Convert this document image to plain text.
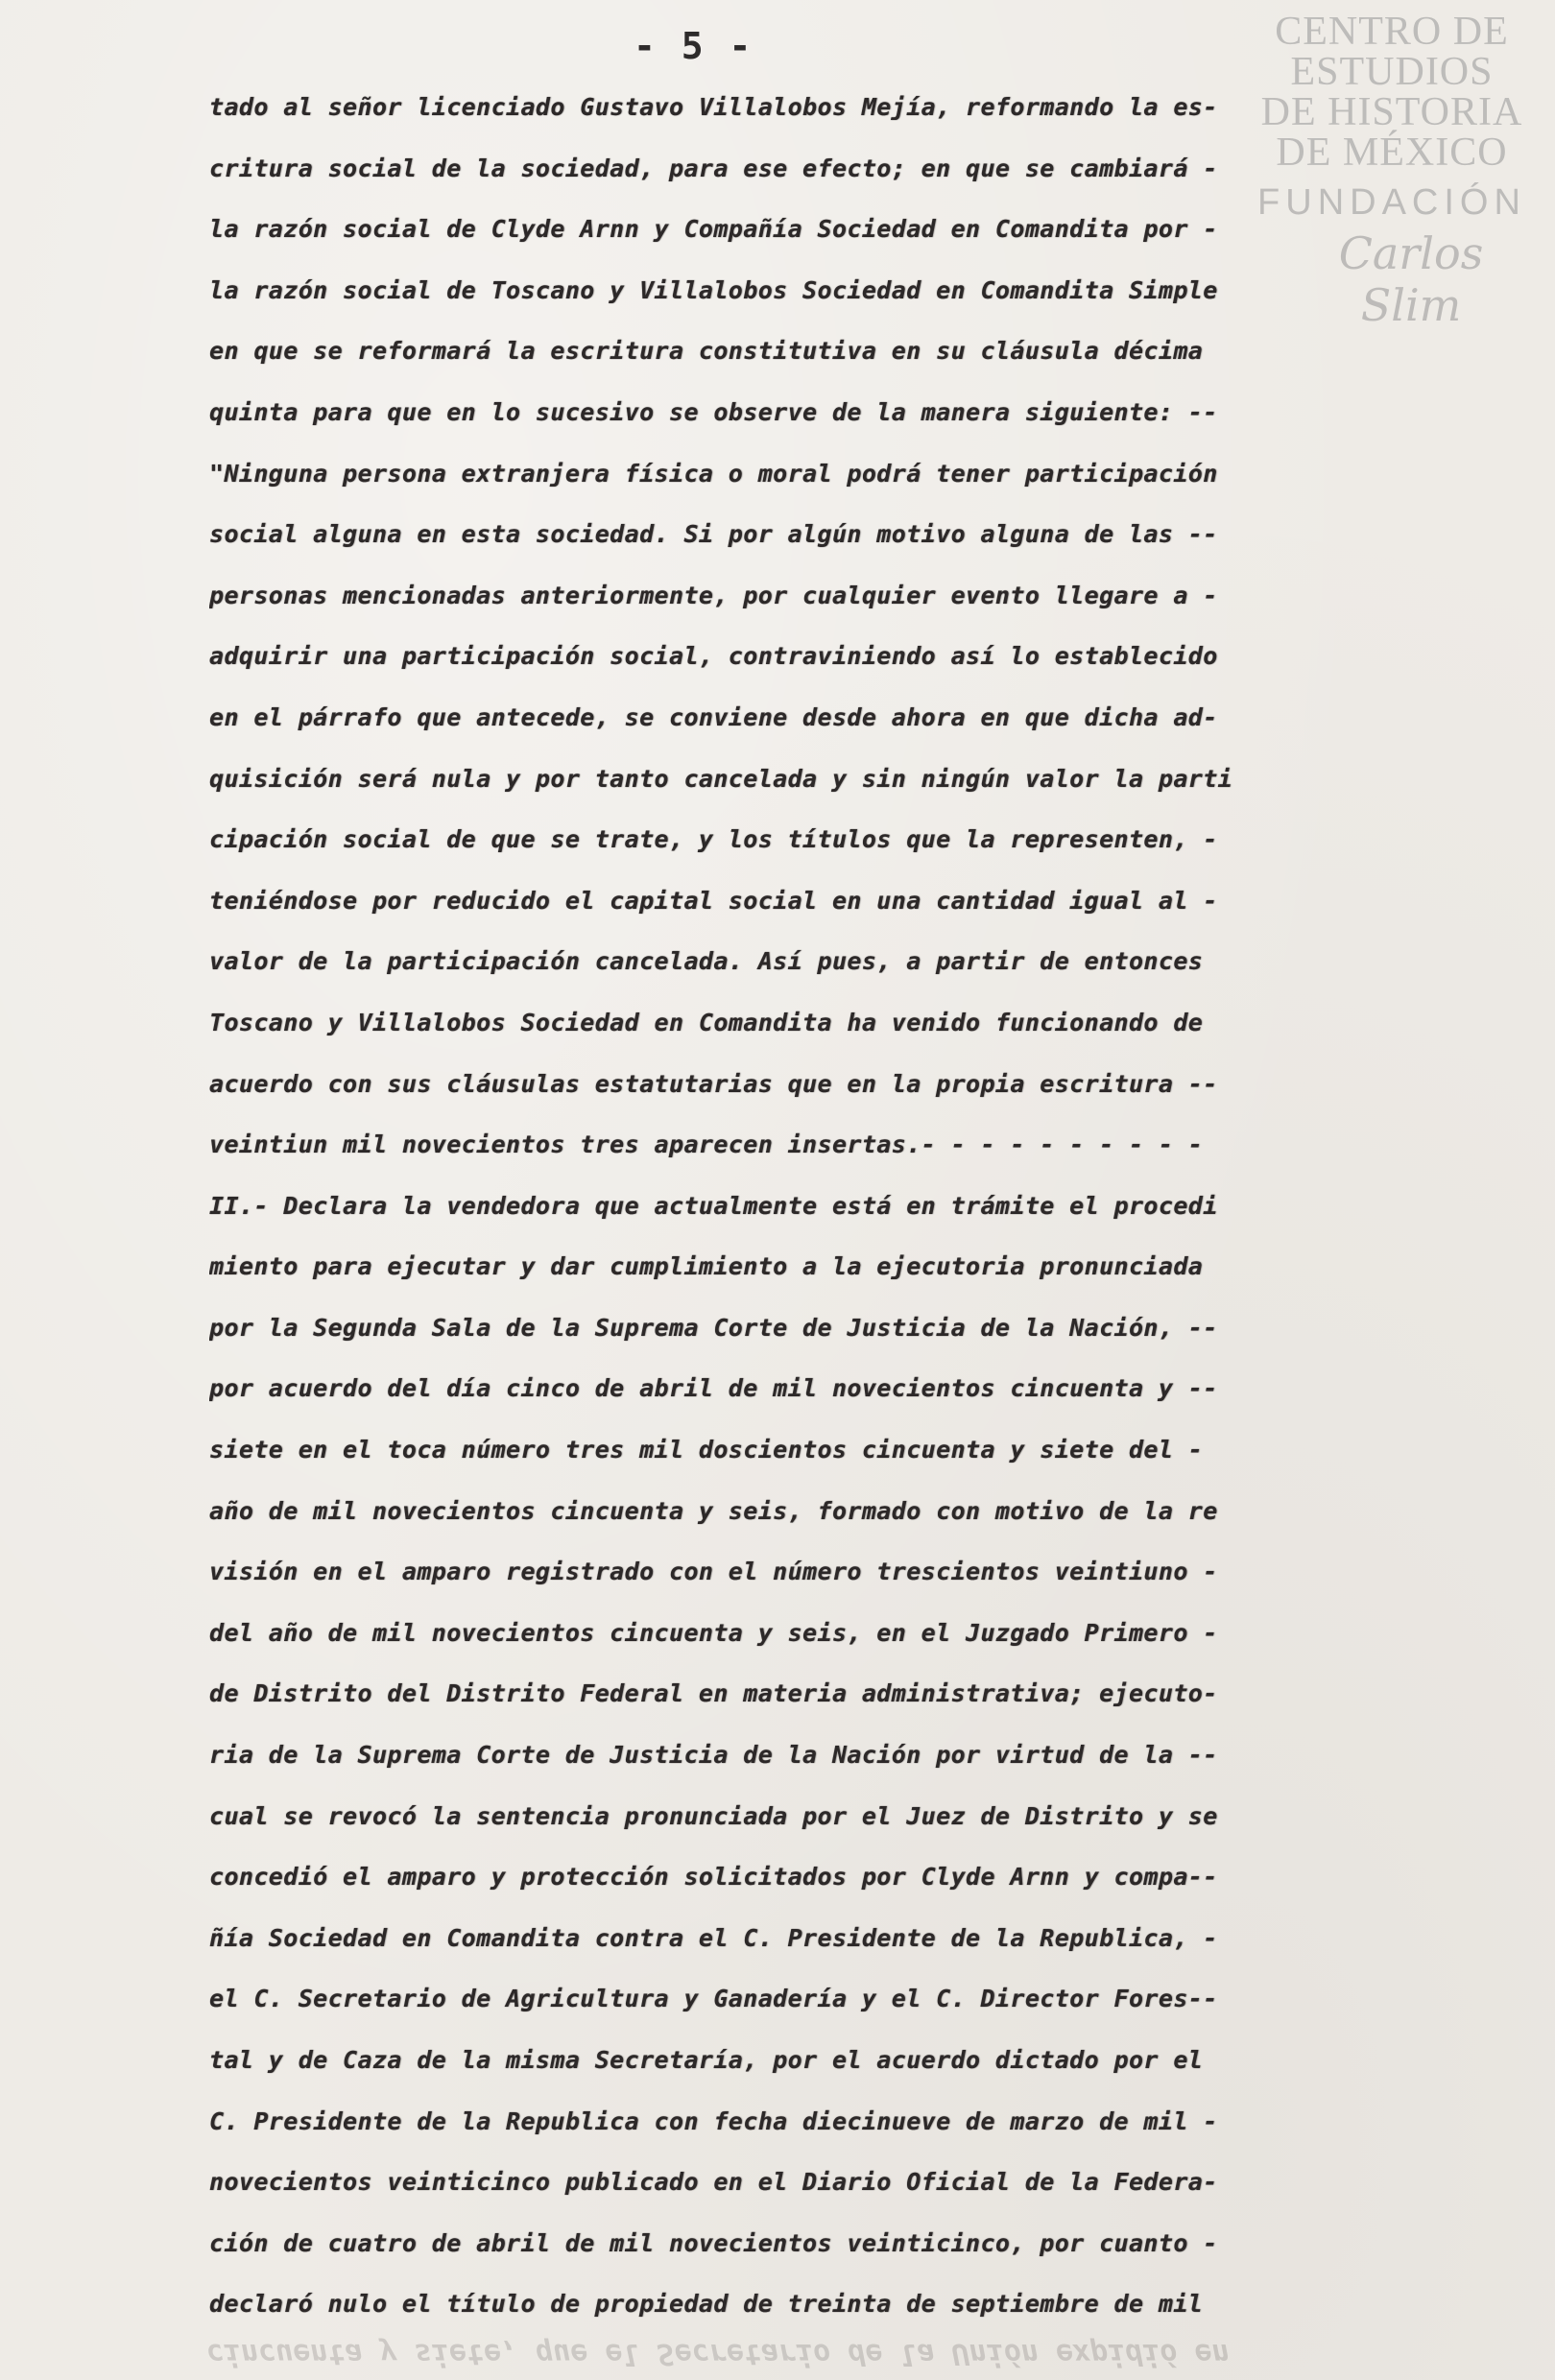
- 5 -	CENTRO DE
ESTUDIOS
DE HISTORIA
DE MÉXICO
FUNDACIÓN
Carlos Slim
tado al señor licenciado Gustavo Villalobos Mejía, reformando la es-
critura social de la sociedad, para ese efecto; en que se cambiará -
la razón social de Clyde Arnn y Compañía Sociedad en Comandita por -
la razón social de Toscano y Villalobos Sociedad en Comandita Simple
en que se reformará la escritura constitutiva en su cláusula décima
quinta para que en lo sucesivo se observe de la manera siguiente: --
"Ninguna persona extranjera física o moral podrá tener participación
social alguna en esta sociedad. Si por algún motivo alguna de las --
personas mencionadas anteriormente, por cualquier evento llegare a -
adquirir una participación social, contraviniendo así lo establecido
en el párrafo que antecede, se conviene desde ahora en que dicha ad-
quisición será nula y por tanto cancelada y sin ningún valor la parti
cipación social de que se trate, y los títulos que la representen, -
teniéndose por reducido el capital social en una cantidad igual al -
valor de la participación cancelada. Así pues, a partir de entonces
Toscano y Villalobos Sociedad en Comandita ha venido funcionando de
acuerdo con sus cláusulas estatutarias que en la propia escritura --
veintiun mil novecientos tres aparecen insertas.- - - - - - - - - -
II.- Declara la vendedora que actualmente está en trámite el procedi
miento para ejecutar y dar cumplimiento a la ejecutoria pronunciada
por la Segunda Sala de la Suprema Corte de Justicia de la Nación, --
por acuerdo del día cinco de abril de mil novecientos cincuenta y --
siete en el toca número tres mil doscientos cincuenta y siete del -
año de mil novecientos cincuenta y seis, formado con motivo de la re
visión en el amparo registrado con el número trescientos veintiuno -
del año de mil novecientos cincuenta y seis, en el Juzgado Primero -
de Distrito del Distrito Federal en materia administrativa; ejecuto-
ria de la Suprema Corte de Justicia de la Nación por virtud de la --
cual se revocó la sentencia pronunciada por el Juez de Distrito y se
concedió el amparo y protección solicitados por Clyde Arnn y compa--
ñía Sociedad en Comandita contra el C. Presidente de la Republica, -
el C. Secretario de Agricultura y Ganadería y el C. Director Fores--
tal y de Caza de la misma Secretaría, por el acuerdo dictado por el
C. Presidente de la Republica con fecha diecinueve de marzo de mil -
novecientos veinticinco publicado en el Diario Oficial de la Federa-
ción de cuatro de abril de mil novecientos veinticinco, por cuanto -
declaró nulo el título de propiedad de treinta de septiembre de mil
cincuenta y siete, que el Secretario de la Unión expidió en
